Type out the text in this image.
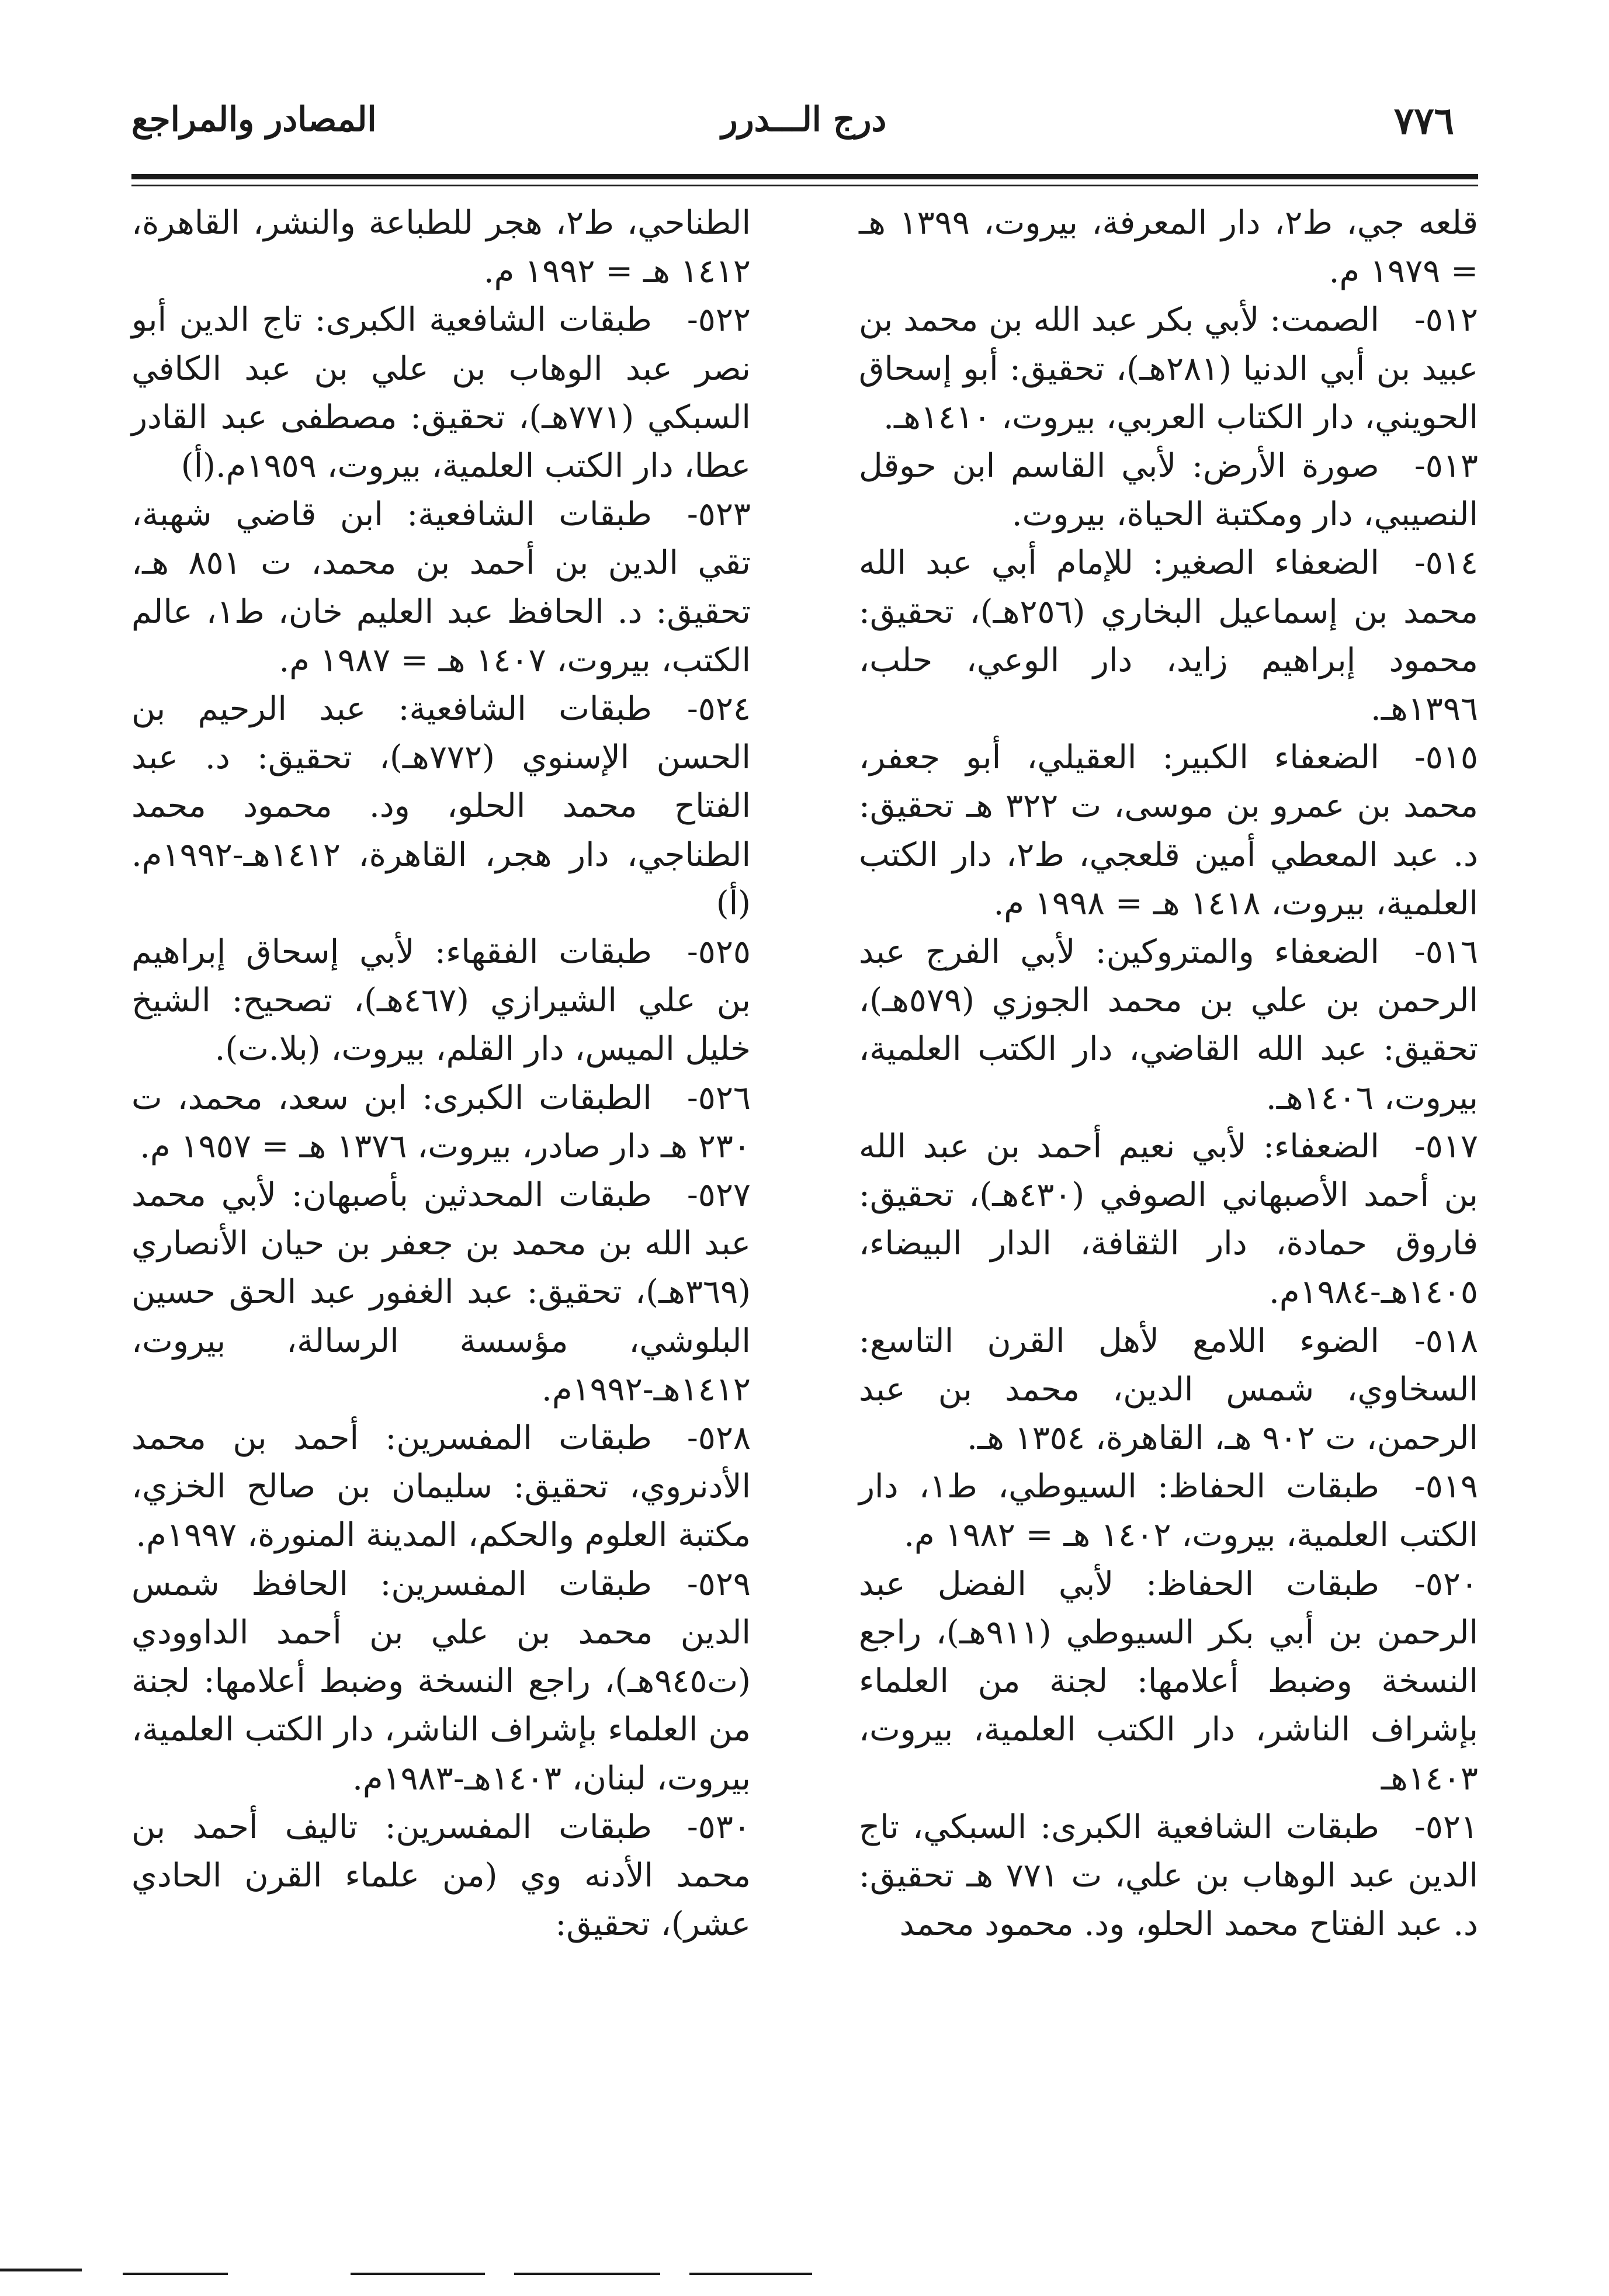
٧٧٦
درج الـــدرر
المصادر والمراجع

قلعه جي، ط٢، دار المعرفة، بيروت، ١٣٩٩ هـ = ١٩٧٩ م.

٥١٢-الصمت: لأبي بكر عبد الله بن محمد بن عبيد بن أبي الدنيا (٢٨١هـ)، تحقيق: أبو إسحاق الحويني، دار الكتاب العربي، بيروت، ١٤١٠هـ.

٥١٣-صورة الأرض: لأبي القاسم ابن حوقل النصيبي، دار ومكتبة الحياة، بيروت.

٥١٤-الضعفاء الصغير: للإمام أبي عبد الله محمد بن إسماعيل البخاري (٢٥٦هـ)، تحقيق: محمود إبراهيم زايد، دار الوعي، حلب، ١٣٩٦هـ.

٥١٥-الضعفاء الكبير: العقيلي، أبو جعفر، محمد بن عمرو بن موسى، ت ٣٢٢ هـ تحقيق: د. عبد المعطي أمين قلعجي، ط٢، دار الكتب العلمية، بيروت، ١٤١٨ هـ = ١٩٩٨ م.

٥١٦-الضعفاء والمتروكين: لأبي الفرج عبد الرحمن بن علي بن محمد الجوزي (٥٧٩هـ)، تحقيق: عبد الله القاضي، دار الكتب العلمية، بيروت، ١٤٠٦هـ.

٥١٧-الضعفاء: لأبي نعيم أحمد بن عبد الله بن أحمد الأصبهاني الصوفي (٤٣٠هـ)، تحقيق: فاروق حمادة، دار الثقافة، الدار البيضاء، ١٤٠٥هـ-١٩٨٤م.

٥١٨-الضوء اللامع لأهل القرن التاسع: السخاوي، شمس الدين، محمد بن عبد الرحمن، ت ٩٠٢ هـ، القاهرة، ١٣٥٤ هـ.

٥١٩-طبقات الحفاظ: السيوطي، ط١، دار الكتب العلمية، بيروت، ١٤٠٢ هـ = ١٩٨٢ م.

٥٢٠-طبقات الحفاظ: لأبي الفضل عبد الرحمن بن أبي بكر السيوطي (٩١١هـ)، راجع النسخة وضبط أعلامها: لجنة من العلماء بإشراف الناشر، دار الكتب العلمية، بيروت، ١٤٠٣هـ

٥٢١-طبقات الشافعية الكبرى: السبكي، تاج الدين عبد الوهاب بن علي، ت ٧٧١ هـ تحقيق: د. عبد الفتاح محمد الحلو، ود. محمود محمد

الطناحي، ط٢، هجر للطباعة والنشر، القاهرة، ١٤١٢ هـ = ١٩٩٢ م.

٥٢٢-طبقات الشافعية الكبرى: تاج الدين أبو نصر عبد الوهاب بن علي بن عبد الكافي السبكي (٧٧١هـ)، تحقيق: مصطفى عبد القادر عطا، دار الكتب العلمية، بيروت، ١٩٥٩م.(أ)

٥٢٣-طبقات الشافعية: ابن قاضي شهبة، تقي الدين بن أحمد بن محمد، ت ٨٥١ هـ، تحقيق: د. الحافظ عبد العليم خان، ط١، عالم الكتب، بيروت، ١٤٠٧ هـ = ١٩٨٧ م.

٥٢٤-طبقات الشافعية: عبد الرحيم بن الحسن الإسنوي (٧٧٢هـ)، تحقيق: د. عبد الفتاح محمد الحلو، ود. محمود محمد الطناجي، دار هجر، القاهرة، ١٤١٢هـ-١٩٩٢م. (أ)

٥٢٥-طبقات الفقهاء: لأبي إسحاق إبراهيم بن علي الشيرازي (٤٦٧هـ)، تصحيح: الشيخ خليل الميس، دار القلم، بيروت، (بلا.ت).

٥٢٦-الطبقات الكبرى: ابن سعد، محمد، ت ٢٣٠ هـ دار صادر، بيروت، ١٣٧٦ هـ = ١٩٥٧ م.

٥٢٧-طبقات المحدثين بأصبهان: لأبي محمد عبد الله بن محمد بن جعفر بن حيان الأنصاري (٣٦٩هـ)، تحقيق: عبد الغفور عبد الحق حسين البلوشي، مؤسسة الرسالة، بيروت، ١٤١٢هـ-١٩٩٢م.

٥٢٨-طبقات المفسرين: أحمد بن محمد الأدنروي، تحقيق: سليمان بن صالح الخزي، مكتبة العلوم والحكم، المدينة المنورة، ١٩٩٧م.

٥٢٩-طبقات المفسرين: الحافظ شمس الدين محمد بن علي بن أحمد الداوودي (ت٩٤٥هـ)، راجع النسخة وضبط أعلامها: لجنة من العلماء بإشراف الناشر، دار الكتب العلمية، بيروت، لبنان، ١٤٠٣هـ-١٩٨٣م.

٥٣٠-طبقات المفسرين: تاليف أحمد بن محمد الأدنه وي (من علماء القرن الحادي عشر)، تحقيق:
